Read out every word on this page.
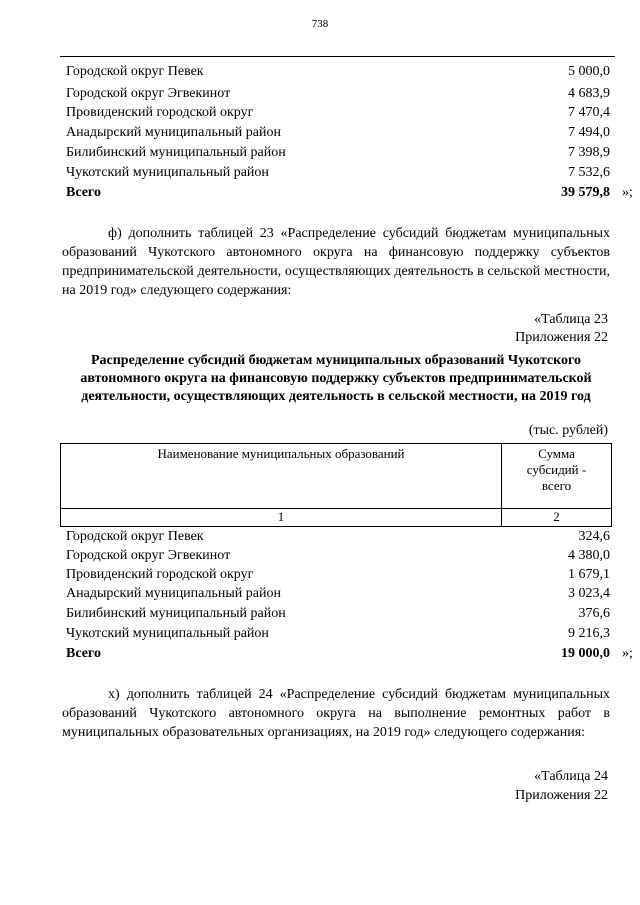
738
Городской округ Певек	5 000,0
Городской округ Эгвекинот	4 683,9
Провиденский городской округ	7 470,4
Анадырский муниципальный район	7 494,0
Билибинский муниципальный район	7 398,9
Чукотский муниципальный район	7 532,6
Всего	39 579,8 »;
ф) дополнить таблицей 23 «Распределение субсидий бюджетам муниципальных образований Чукотского автономного округа на финансовую поддержку субъектов предпринимательской деятельности, осуществляющих деятельность в сельской местности, на 2019 год» следующего содержания:
«Таблица 23
Приложения 22
Распределение субсидий бюджетам муниципальных образований Чукотского автономного округа на финансовую поддержку субъектов предпринимательской деятельности, осуществляющих деятельность в сельской местности, на 2019 год
(тыс. рублей)
Наименование муниципальных образований	Сумма
субсидий -
всего

1	2
Городской округ Певек	324,6
Городской округ Эгвекинот	4 380,0
Провиденский городской округ	1 679,1
Анадырский муниципальный район	3 023,4
Билибинский муниципальный район	376,6
Чукотский муниципальный район	9 216,3
Всего	19 000,0 »;
х) дополнить таблицей 24 «Распределение субсидий бюджетам муниципальных образований Чукотского автономного округа на выполнение ремонтных работ в муниципальных образовательных организациях, на 2019 год» следующего содержания:
«Таблица 24
Приложения 22
